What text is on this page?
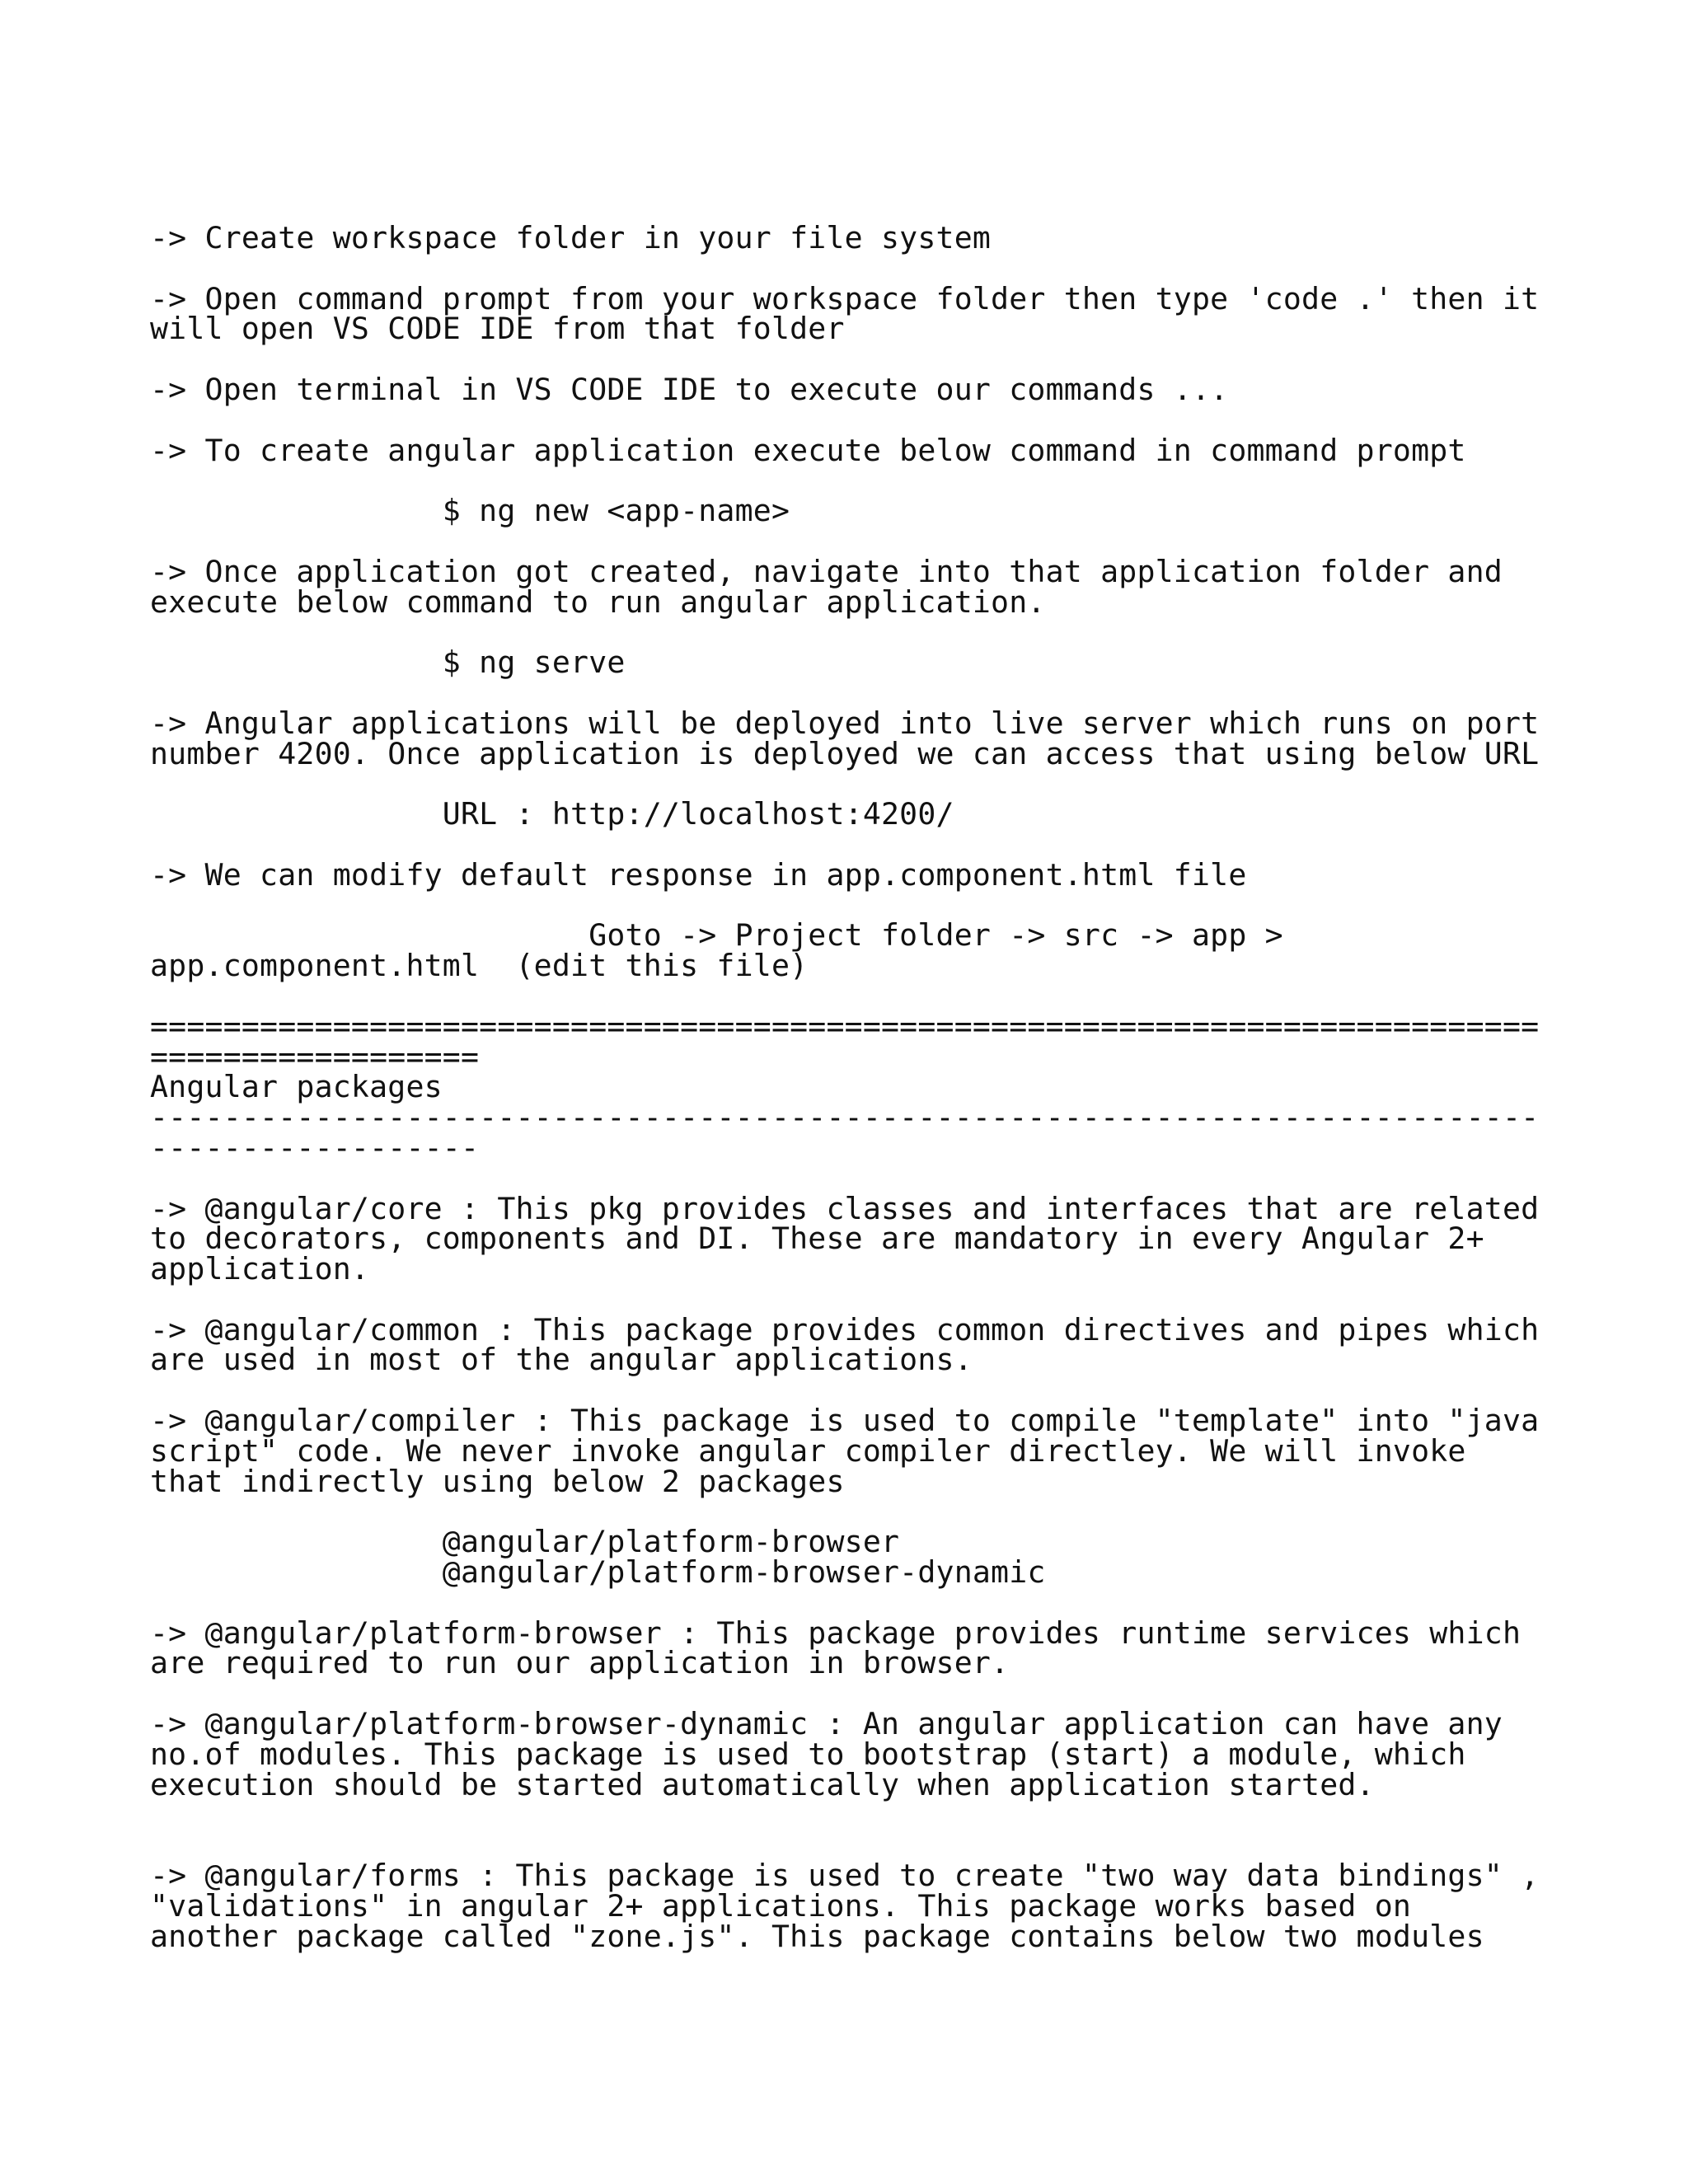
-> Create workspace folder in your file system

-> Open command prompt from your workspace folder then type 'code .' then it
will open VS CODE IDE from that folder

-> Open terminal in VS CODE IDE to execute our commands ...

-> To create angular application execute below command in command prompt

$ ng new <app-name>

-> Once application got created, navigate into that application folder and
execute below command to run angular application.

$ ng serve

-> Angular applications will be deployed into live server which runs on port
number 4200. Once application is deployed we can access that using below URL

URL : http://localhost:4200/

-> We can modify default response in app.component.html file

Goto -> Project folder -> src -> app >
app.component.html  (edit this file)

============================================================================
==================
Angular packages
----------------------------------------------------------------------------
------------------

-> @angular/core : This pkg provides classes and interfaces that are related
to decorators, components and DI. These are mandatory in every Angular 2+
application.

-> @angular/common : This package provides common directives and pipes which
are used in most of the angular applications.

-> @angular/compiler : This package is used to compile "template" into "java
script" code. We never invoke angular compiler directley. We will invoke
that indirectly using below 2 packages

@angular/platform-browser
@angular/platform-browser-dynamic

-> @angular/platform-browser : This package provides runtime services which
are required to run our application in browser.

-> @angular/platform-browser-dynamic : An angular application can have any
no.of modules. This package is used to bootstrap (start) a module, which
execution should be started automatically when application started.

-> @angular/forms : This package is used to create "two way data bindings" ,
"validations" in angular 2+ applications. This package works based on
another package called "zone.js". This package contains below two modules
